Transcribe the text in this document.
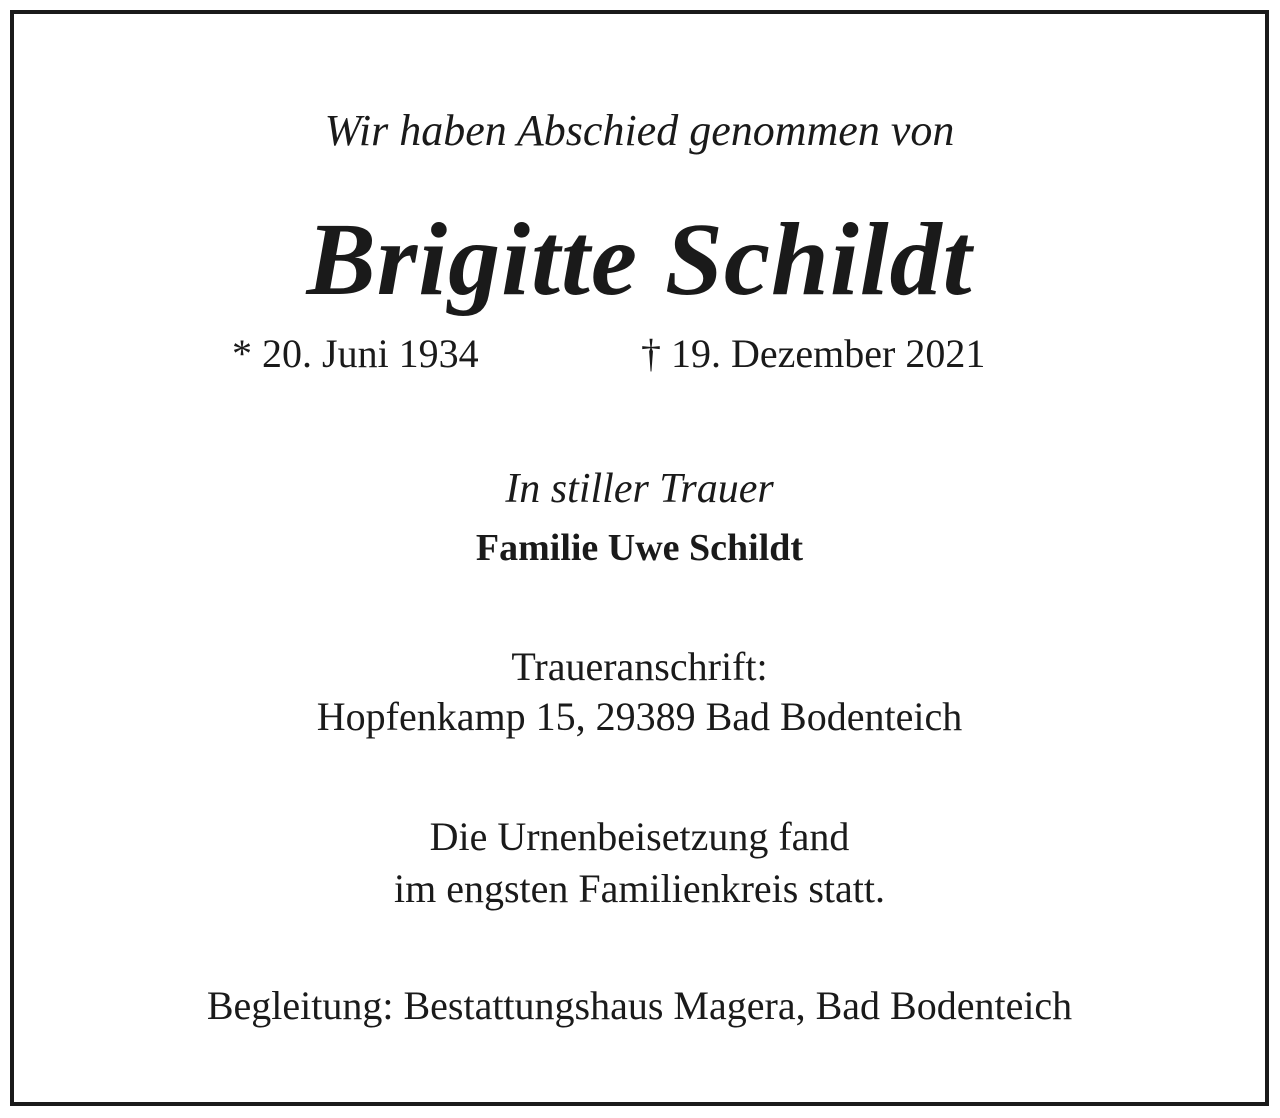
Wir haben Abschied genommen von
Brigitte Schildt
* 20. Juni 1934	† 19. Dezember 2021
In stiller Trauer
Familie Uwe Schildt
Traueranschrift:
Hopfenkamp 15, 29389 Bad Bodenteich
Die Urnenbeisetzung fand
im engsten Familienkreis statt.
Begleitung: Bestattungshaus Magera, Bad Bodenteich
